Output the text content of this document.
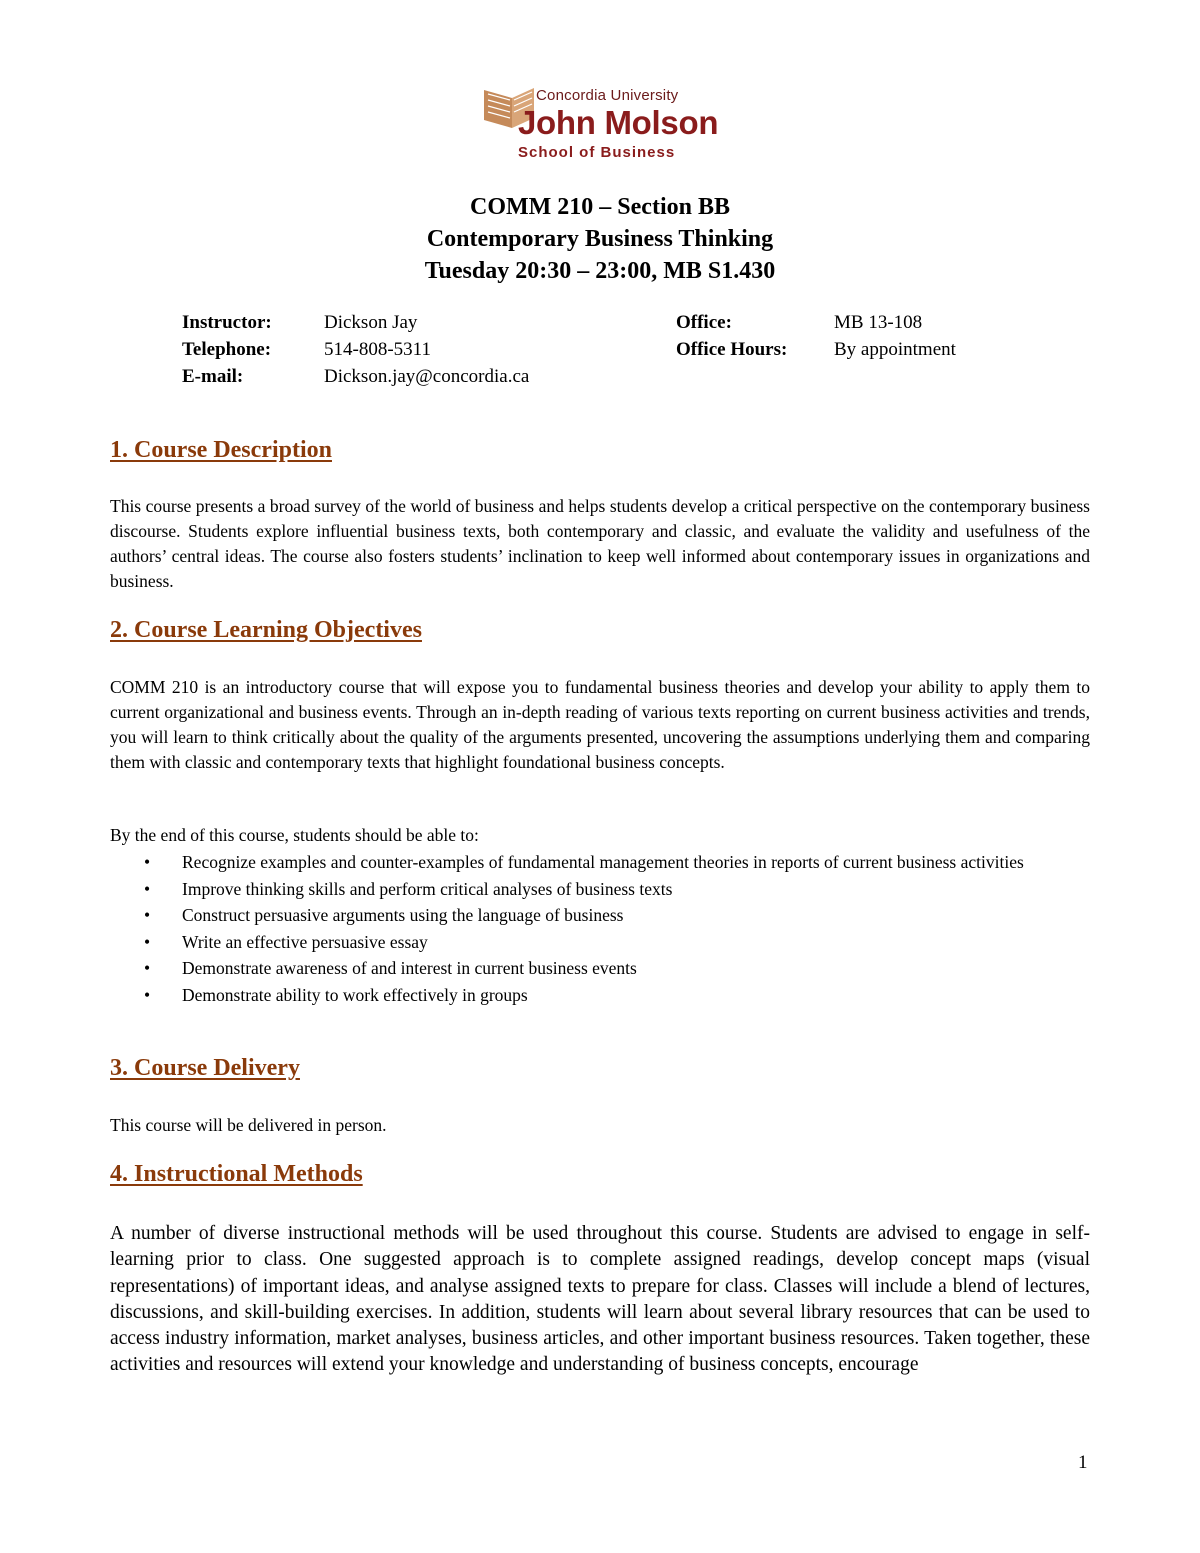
Concordia University
John Molson
School of Business
COMM 210 – Section BB
Contemporary Business Thinking
Tuesday 20:30 – 23:00, MB S1.430
Instructor:	Dickson Jay	Office:	MB 13-108
Telephone:	514-808-5311	Office Hours: By appointment
E-mail:	Dickson.jay@concordia.ca
1. Course Description
This course presents a broad survey of the world of business and helps students develop a critical perspective on the contemporary business discourse. Students explore influential business texts, both contemporary and classic, and evaluate the validity and usefulness of the authors’ central ideas. The course also fosters students’ inclination to keep well informed about contemporary issues in organizations and business.
2. Course Learning Objectives
COMM 210 is an introductory course that will expose you to fundamental business theories and develop your ability to apply them to current organizational and business events. Through an in-depth reading of various texts reporting on current business activities and trends, you will learn to think critically about the quality of the arguments presented, uncovering the assumptions underlying them and comparing them with classic and contemporary texts that highlight foundational business concepts.
By the end of this course, students should be able to:
• Recognize examples and counter-examples of fundamental management theories in reports of current business activities
• Improve thinking skills and perform critical analyses of business texts
• Construct persuasive arguments using the language of business
• Write an effective persuasive essay
• Demonstrate awareness of and interest in current business events
• Demonstrate ability to work effectively in groups
3. Course Delivery
This course will be delivered in person.
4. Instructional Methods
A number of diverse instructional methods will be used throughout this course. Students are advised to engage in self-learning prior to class. One suggested approach is to complete assigned readings, develop concept maps (visual representations) of important ideas, and analyse assigned texts to prepare for class. Classes will include a blend of lectures, discussions, and skill-building exercises. In addition, students will learn about several library resources that can be used to access industry information, market analyses, business articles, and other important business resources. Taken together, these activities and resources will extend your knowledge and understanding of business concepts, encourage
1
